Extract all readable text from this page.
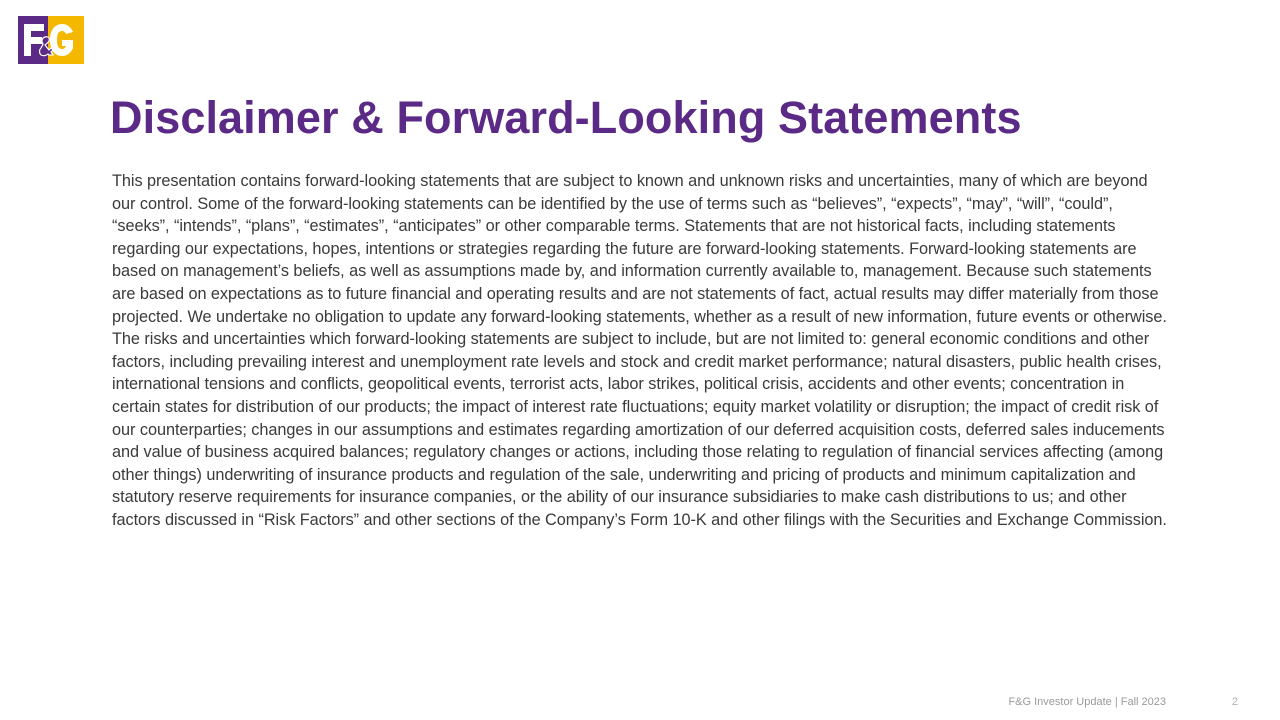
Disclaimer & Forward-Looking Statements

This presentation contains forward-looking statements that are subject to known and unknown risks and uncertainties, many of which are beyond our control. Some of the forward-looking statements can be identified by the use of terms such as “believes”, “expects”, “may”, “will”, “could”, “seeks”, “intends”, “plans”, “estimates”, “anticipates” or other comparable terms. Statements that are not historical facts, including statements regarding our expectations, hopes, intentions or strategies regarding the future are forward-looking statements. Forward-looking statements are based on management’s beliefs, as well as assumptions made by, and information currently available to, management. Because such statements are based on expectations as to future financial and operating results and are not statements of fact, actual results may differ materially from those projected. We undertake no obligation to update any forward-looking statements, whether as a result of new information, future events or otherwise. The risks and uncertainties which forward-looking statements are subject to include, but are not limited to: general economic conditions and other factors, including prevailing interest and unemployment rate levels and stock and credit market performance; natural disasters, public health crises, international tensions and conflicts, geopolitical events, terrorist acts, labor strikes, political crisis, accidents and other events; concentration in certain states for distribution of our products; the impact of interest rate fluctuations; equity market volatility or disruption; the impact of credit risk of our counterparties; changes in our assumptions and estimates regarding amortization of our deferred acquisition costs, deferred sales inducements and value of business acquired balances; regulatory changes or actions, including those relating to regulation of financial services affecting (among other things) underwriting of insurance products and regulation of the sale, underwriting and pricing of products and minimum capitalization and statutory reserve requirements for insurance companies, or the ability of our insurance subsidiaries to make cash distributions to us; and other factors discussed in “Risk Factors” and other sections of the Company’s Form 10-K and other filings with the Securities and Exchange Commission.

F&G Investor Update | Fall 2023	2
